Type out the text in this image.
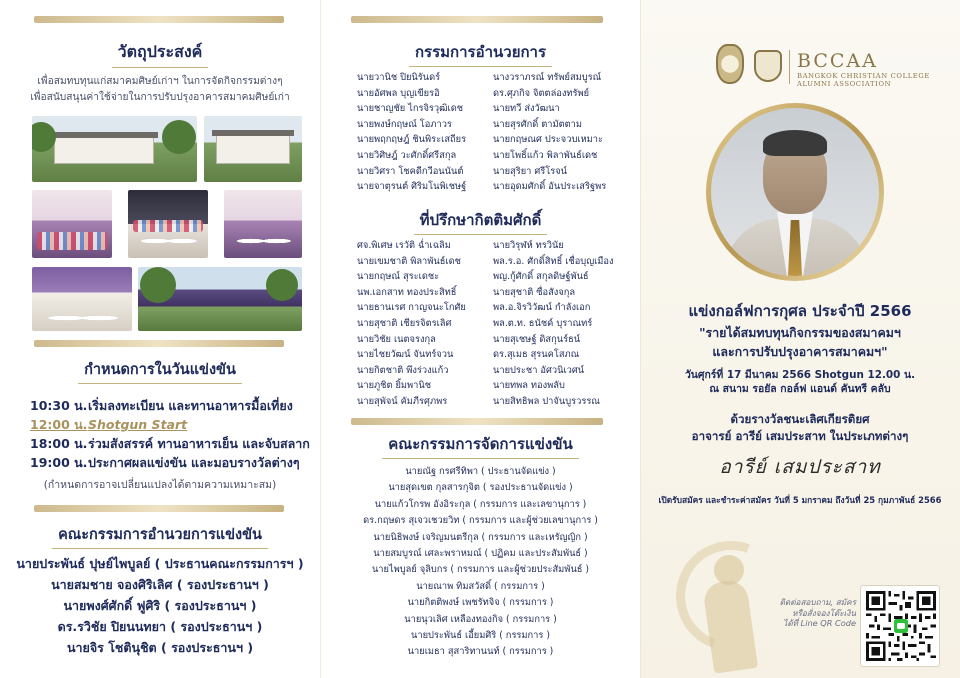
วัตถุประสงค์
เพื่อสมทบทุนแก่สมาคมศิษย์เก่าฯ ในการจัดกิจกรรมต่างๆ
เพื่อสนับสนุนค่าใช้จ่ายในการปรับปรุงอาคารสมาคมศิษย์เก่า
กำหนดการในวันแข่งขัน
10:30 น.เริ่มลงทะเบียน และทานอาหารมื้อเที่ยง
12:00 น.Shotgun Start
18:00 น.ร่วมสังสรรค์ ทานอาหารเย็น และจับสลาก
19:00 น.ประกาศผลแข่งขัน และมอบรางวัลต่างๆ
(กำหนดการอาจเปลี่ยนแปลงได้ตามความเหมาะสม)
คณะกรรมการอำนวยการแข่งขัน
นายประพันธ์ ปุษย์ไพบูลย์ ( ประธานคณะกรรมการฯ )
นายสมชาย จองศิริเลิศ ( รองประธานฯ )
นายพงศ์ศักดิ์ ฟูศิริ ( รองประธานฯ )
ดร.รวิชัย ปิยนนทยา ( รองประธานฯ )
นายจิร โชตินุชิต ( รองประธานฯ )
กรรมการอำนวยการ
นายวานิช ปิยนิรันดร์
นายอัศพล บุญเขียรอิ
นายชาญชัย ไกรจิรวุฒิเดช
นายพงษ์กฤษณ์ โอภาวร
นายพฤกฤษฎ์ ชินพิระเสถียร
นายวิศิษฎ์ วะศักดิ์ศรีสกุล
นายวิศรา โชคดีกวีอนนันต์
นายจาตุรนต์ ศิริมโนพิเชษฐ์
นางวราภรณ์ ทรัพย์สมบูรณ์
ดร.ศุภกิจ จิตตล่องทรัพย์
นายทวี ส่งวัฒนา
นายสุรศักดิ์ ตามัตตาม
นายกฤษณศ ประจวบเหมาะ
นายโพธิ์แก้ว พิลาพันธ์เดช
นายสุริยา ศรีโรจน์
นายอุดมศักดิ์ อันประเสริฐพร
ที่ปรึกษากิตติมศักดิ์
ศจ.พิเศษ เรวัติ ฉ่ำเฉลิม
นายเขมชาติ พิลาพันธ์เดช
นายกฤษณ์ สุระเดชะ
นพ.เอกสาท ทองประสิทธิ์
นายธานเรศ กาญจนะโกศัย
นายสุชาติ เชียรจิตรเลิศ
นายวิชัย เนตจรงกุล
นายไชยวัฒน์ จันทร์จวน
นายกิตชาติ พึงร่วงแก้ว
นายภูชิต ยิ้มพานิช
นายสุพัจน์ คัมภีรศุภพร
นายวิรุฬห์ ทรวินัย
พล.ร.อ. ศักดิ์สิทธิ์ เชื่อบุญเมือง
พญ.กู้ศักดิ์ สกุลดิษฐ์พันธ์
นายสุชาติ ซื่อสังจกุล
พล.อ.จิรวิวัฒน์ กำลังเอก
พล.ต.ท. ธนัชค์ บุราณทร์
นายสุเชษฐ์ ดิสกุนร์ธน์
ดร.สุเมธ สุรนคโสภณ
นายประชา อัศวนิเวศน์
นายทพล ทองพลับ
นายสิทธิพล ปาจันบูรวรรณ
คณะกรรมการจัดการแข่งขัน
นายณัฐ กรศรีทิพา ( ประธานจัดแข่ง )
นายสุดเขต กุลสารกุจิต ( รองประธานจัดแข่ง )
นายแก้วโกรพ อังอิระกุล ( กรรมการ และเลขานุการ )
ดร.กฤษดร สุเจวเชวยวิท ( กรรมการ และผู้ช่วยเลขานุการ )
นายนิธิพงษ์ เจริญมนตรีกุล ( กรรมการ และเหรัญญิก )
นายสมบูรณ์ เศละพราหมณ์ ( ปฏิคม และประสัมพันธ์ )
นายไพบูลย์ จุลิบกร ( กรรมการ และผู้ช่วยประสัมพันธ์ )
นายณาพ ทิมสวัสดิ์ ( กรรมการ )
นายกิตติพงษ์ เพชรัทจิจ ( กรรมการ )
นายนุวเลิศ เหลืองทองกิจ ( กรรมการ )
นายประพันธ์ เอี้ยมศิริ ( กรรมการ )
นายเมธา สุสาริทานนท์ ( กรรมการ )
BCCAA
BANGKOK CHRISTIAN COLLEGE
ALUMNI ASSOCIATION
แข่งกอล์ฟการกุศล ประจำปี 2566
"รายได้สมทบทุนกิจกรรมของสมาคมฯ
และการปรับปรุงอาคารสมาคมฯ"
วันศุกร์ที่ 17 มีนาคม 2566 Shotgun 12.00 น.
ณ สนาม รอยัล กอล์ฟ แอนด์ คันทรี คลับ
ด้วยรางวัลชนะเลิศเกียรติยศ
อาจารย์ อารีย์ เสมประสาท ในประเภทต่างๆ
อารีย์ เสมประสาท
เปิดรับสมัคร และชำระค่าสมัคร วันที่ 5 มกราคม ถึงวันที่ 25 กุมภาพันธ์ 2566
ติดต่อสอบถาม, สมัคร
หรือสั่งจองโต๊ะเงิน
ได้ที่ Line QR Code
